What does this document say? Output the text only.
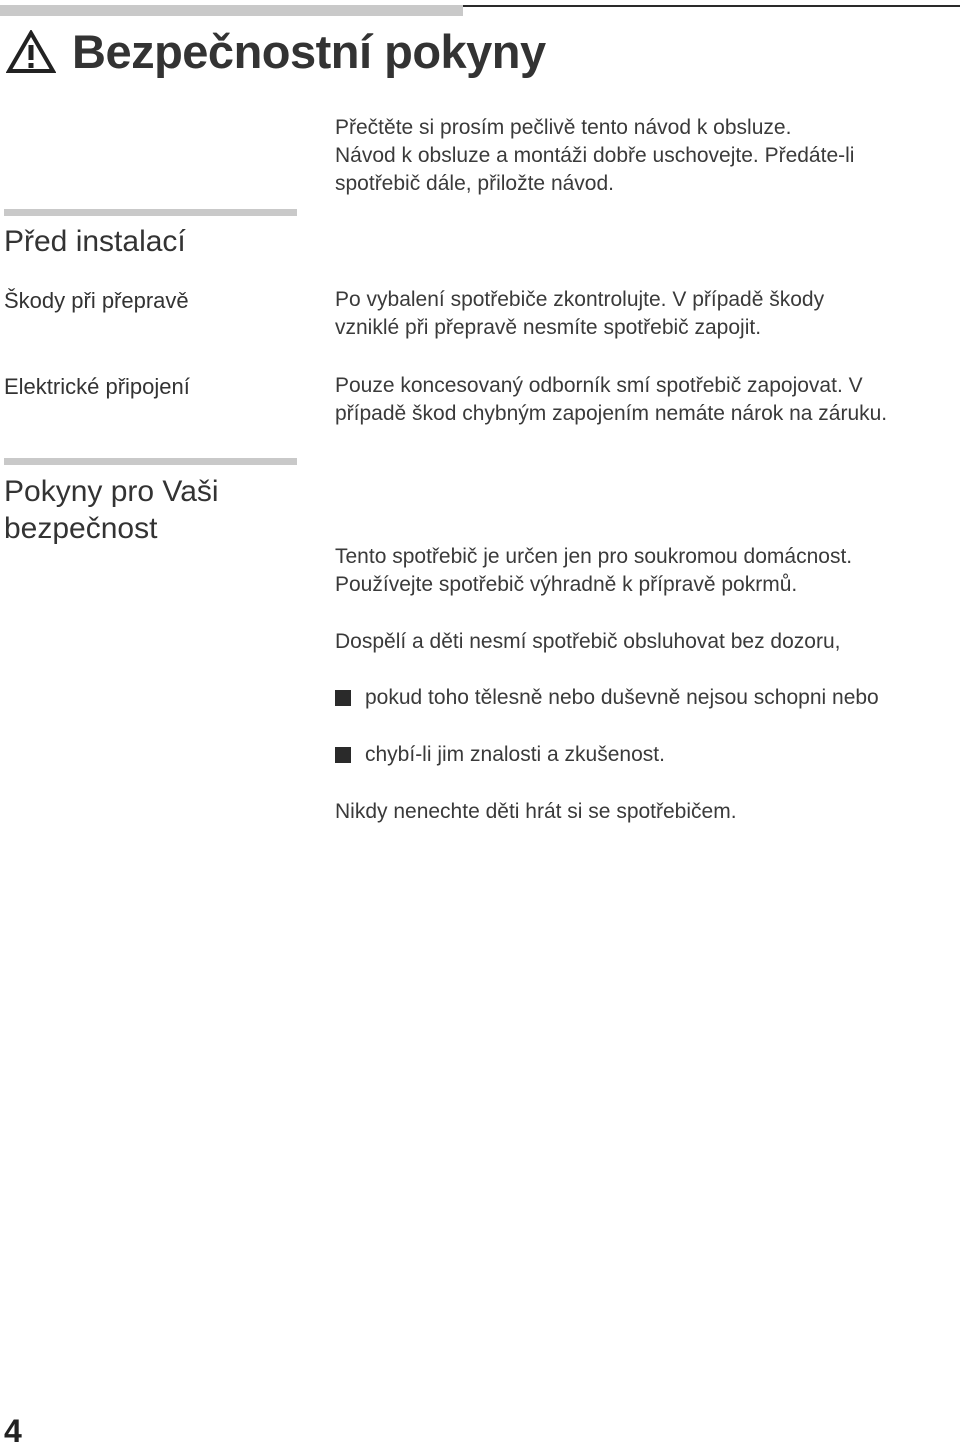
Bezpečnostní pokyny

Přečtěte si prosím pečlivě tento návod k obsluze.
Návod k obsluze a montáži dobře uschovejte. Předáte-li
spotřebič dále, přiložte návod.

Před instalací

Škody při přepravě	Po vybalení spotřebiče zkontrolujte. V případě škody
vzniklé při přepravě nesmíte spotřebič zapojit.

Elektrické připojení	Pouze koncesovaný odborník smí spotřebič zapojovat. V
případě škod chybným zapojením nemáte nárok na záruku.

Pokyny pro Vaši
bezpečnost

Tento spotřebič je určen jen pro soukromou domácnost.
Používejte spotřebič výhradně k přípravě pokrmů.

Dospělí a děti nesmí spotřebič obsluhovat bez dozoru,

pokud toho tělesně nebo duševně nejsou schopni nebo
chybí-li jim znalosti a zkušenost.

Nikdy nenechte děti hrát si se spotřebičem.

4
